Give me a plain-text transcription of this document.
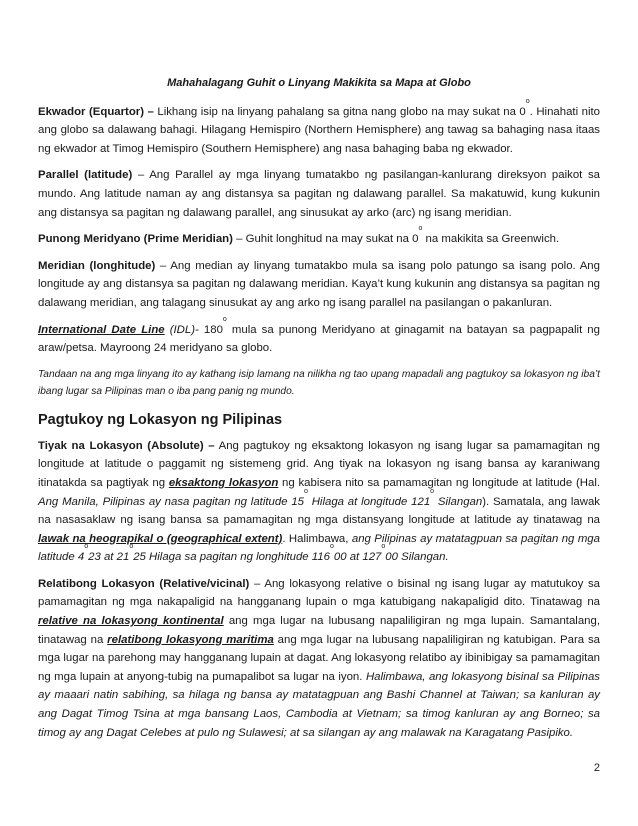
Mahahalagang Guhit o Linyang Makikita sa Mapa at Globo

Ekwador (Equartor) – Likhang isip na linyang pahalang sa gitna nang globo na may sukat na 0$^o$. Hinahati nito ang globo sa dalawang bahagi. Hilagang Hemispiro (Northern Hemisphere) ang tawag sa bahaging nasa itaas ng ekwador at Timog Hemispiro (Southern Hemisphere) ang nasa bahaging baba ng ekwador.

Parallel (latitude) – Ang Parallel ay mga linyang tumatakbo ng pasilangan-kanlurang direksyon paikot sa mundo. Ang latitude naman ay ang distansya sa pagitan ng dalawang parallel. Sa makatuwid, kung kukunin ang distansya sa pagitan ng dalawang parallel, ang sinusukat ay arko (arc) ng isang meridian.

Punong Meridyano (Prime Meridian) – Guhit longhitud na may sukat na 0$^o$ na makikita sa Greenwich.

Meridian (longhitude) – Ang median ay linyang tumatakbo mula sa isang polo patungo sa isang polo. Ang longitude ay ang distansya sa pagitan ng dalawang meridian. Kaya’t kung kukunin ang distansya sa pagitan ng dalawang meridian, ang talagang sinusukat ay ang arko ng isang parallel na pasilangan o pakanluran.

International Date Line (IDL)- 180$^o$ mula sa punong Meridyano at ginagamit na batayan sa pagpapalit ng araw/petsa. Mayroong 24 meridyano sa globo.

Tandaan na ang mga linyang ito ay kathang isip lamang na nilikha ng tao upang mapadali ang pagtukoy sa lokasyon ng iba’t ibang lugar sa Pilipinas man o iba pang panig ng mundo.

Pagtukoy ng Lokasyon ng Pilipinas

Tiyak na Lokasyon (Absolute) – Ang pagtukoy ng eksaktong lokasyon ng isang lugar sa pamamagitan ng longitude at latitude o paggamit ng sistemeng grid. Ang tiyak na lokasyon ng isang bansa ay karaniwang itinatakda sa pagtiyak ng eksaktong lokasyon ng kabisera nito sa pamamagitan ng longitude at latitude (Hal. Ang Manila, Pilipinas ay nasa pagitan ng latitude 15$^o$ Hilaga at longitude 121$^o$ Silangan). Samatala, ang lawak na nasasaklaw ng isang bansa sa pamamagitan ng mga distansyang longitude at latitude ay tinatawag na lawak na heograpikal o (geographical extent). Halimbawa, ang Pilipinas ay matatagpuan sa pagitan ng mga latitude 4$^o$23 at 21$^o$25 Hilaga sa pagitan ng longhitude 116$^o$00 at 127$^o$00 Silangan.

Relatibong Lokasyon (Relative/vicinal) – Ang lokasyong relative o bisinal ng isang lugar ay matutukoy sa pamamagitan ng mga nakapaligid na hangganang lupain o mga katubigang nakapaligid dito. Tinatawag na relative na lokasyong kontinental ang mga lugar na lubusang napaliligiran ng mga lupain. Samantalang, tinatawag na relatibong lokasyong maritima ang mga lugar na lubusang napaliligiran ng katubigan. Para sa mga lugar na parehong may hangganang lupain at dagat. Ang lokasyong relatibo ay ibinibigay sa pamamagitan ng mga lupain at anyong-tubig na pumapalibot sa lugar na iyon. Halimbawa, ang lokasyong bisinal sa Pilipinas ay maaari natin sabihing, sa hilaga ng bansa ay matatagpuan ang Bashi Channel at Taiwan; sa kanluran ay ang Dagat Timog Tsina at mga bansang Laos, Cambodia at Vietnam; sa timog kanluran ay ang Borneo; sa timog ay ang Dagat Celebes at pulo ng Sulawesi; at sa silangan ay ang malawak na Karagatang Pasipiko.

2
